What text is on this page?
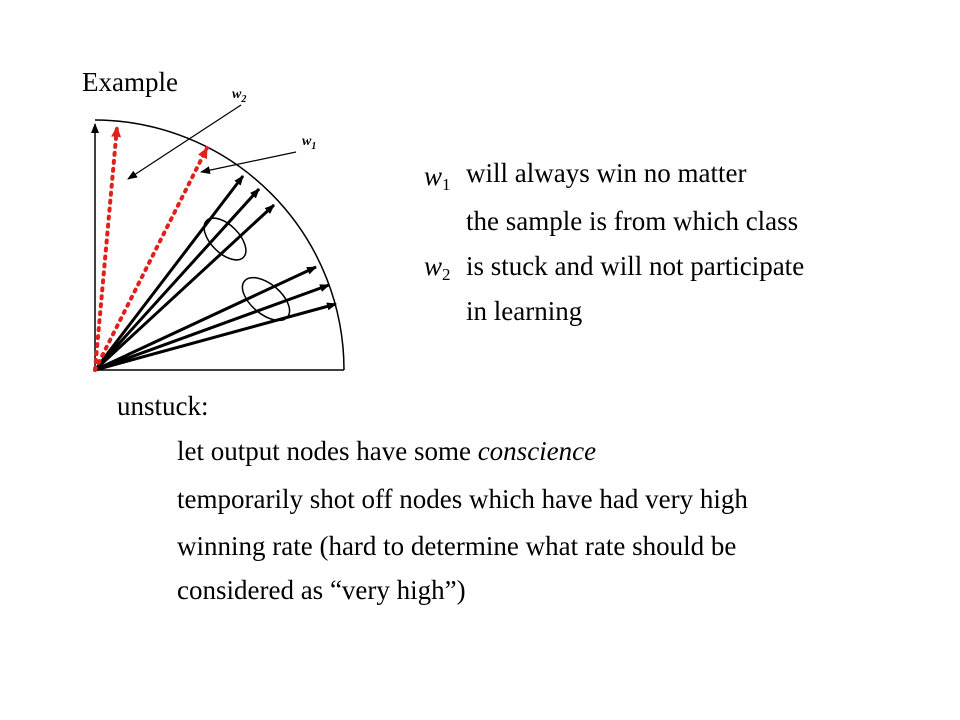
Example	$w_2$
$w_1$
$w_1$ will always win no matter
the sample is from which class
$w_2$ is stuck and will not participate
in learning
unstuck:
let output nodes have some conscience
temporarily shot off nodes which have had very high
winning rate (hard to determine what rate should be
considered as “very high”)
